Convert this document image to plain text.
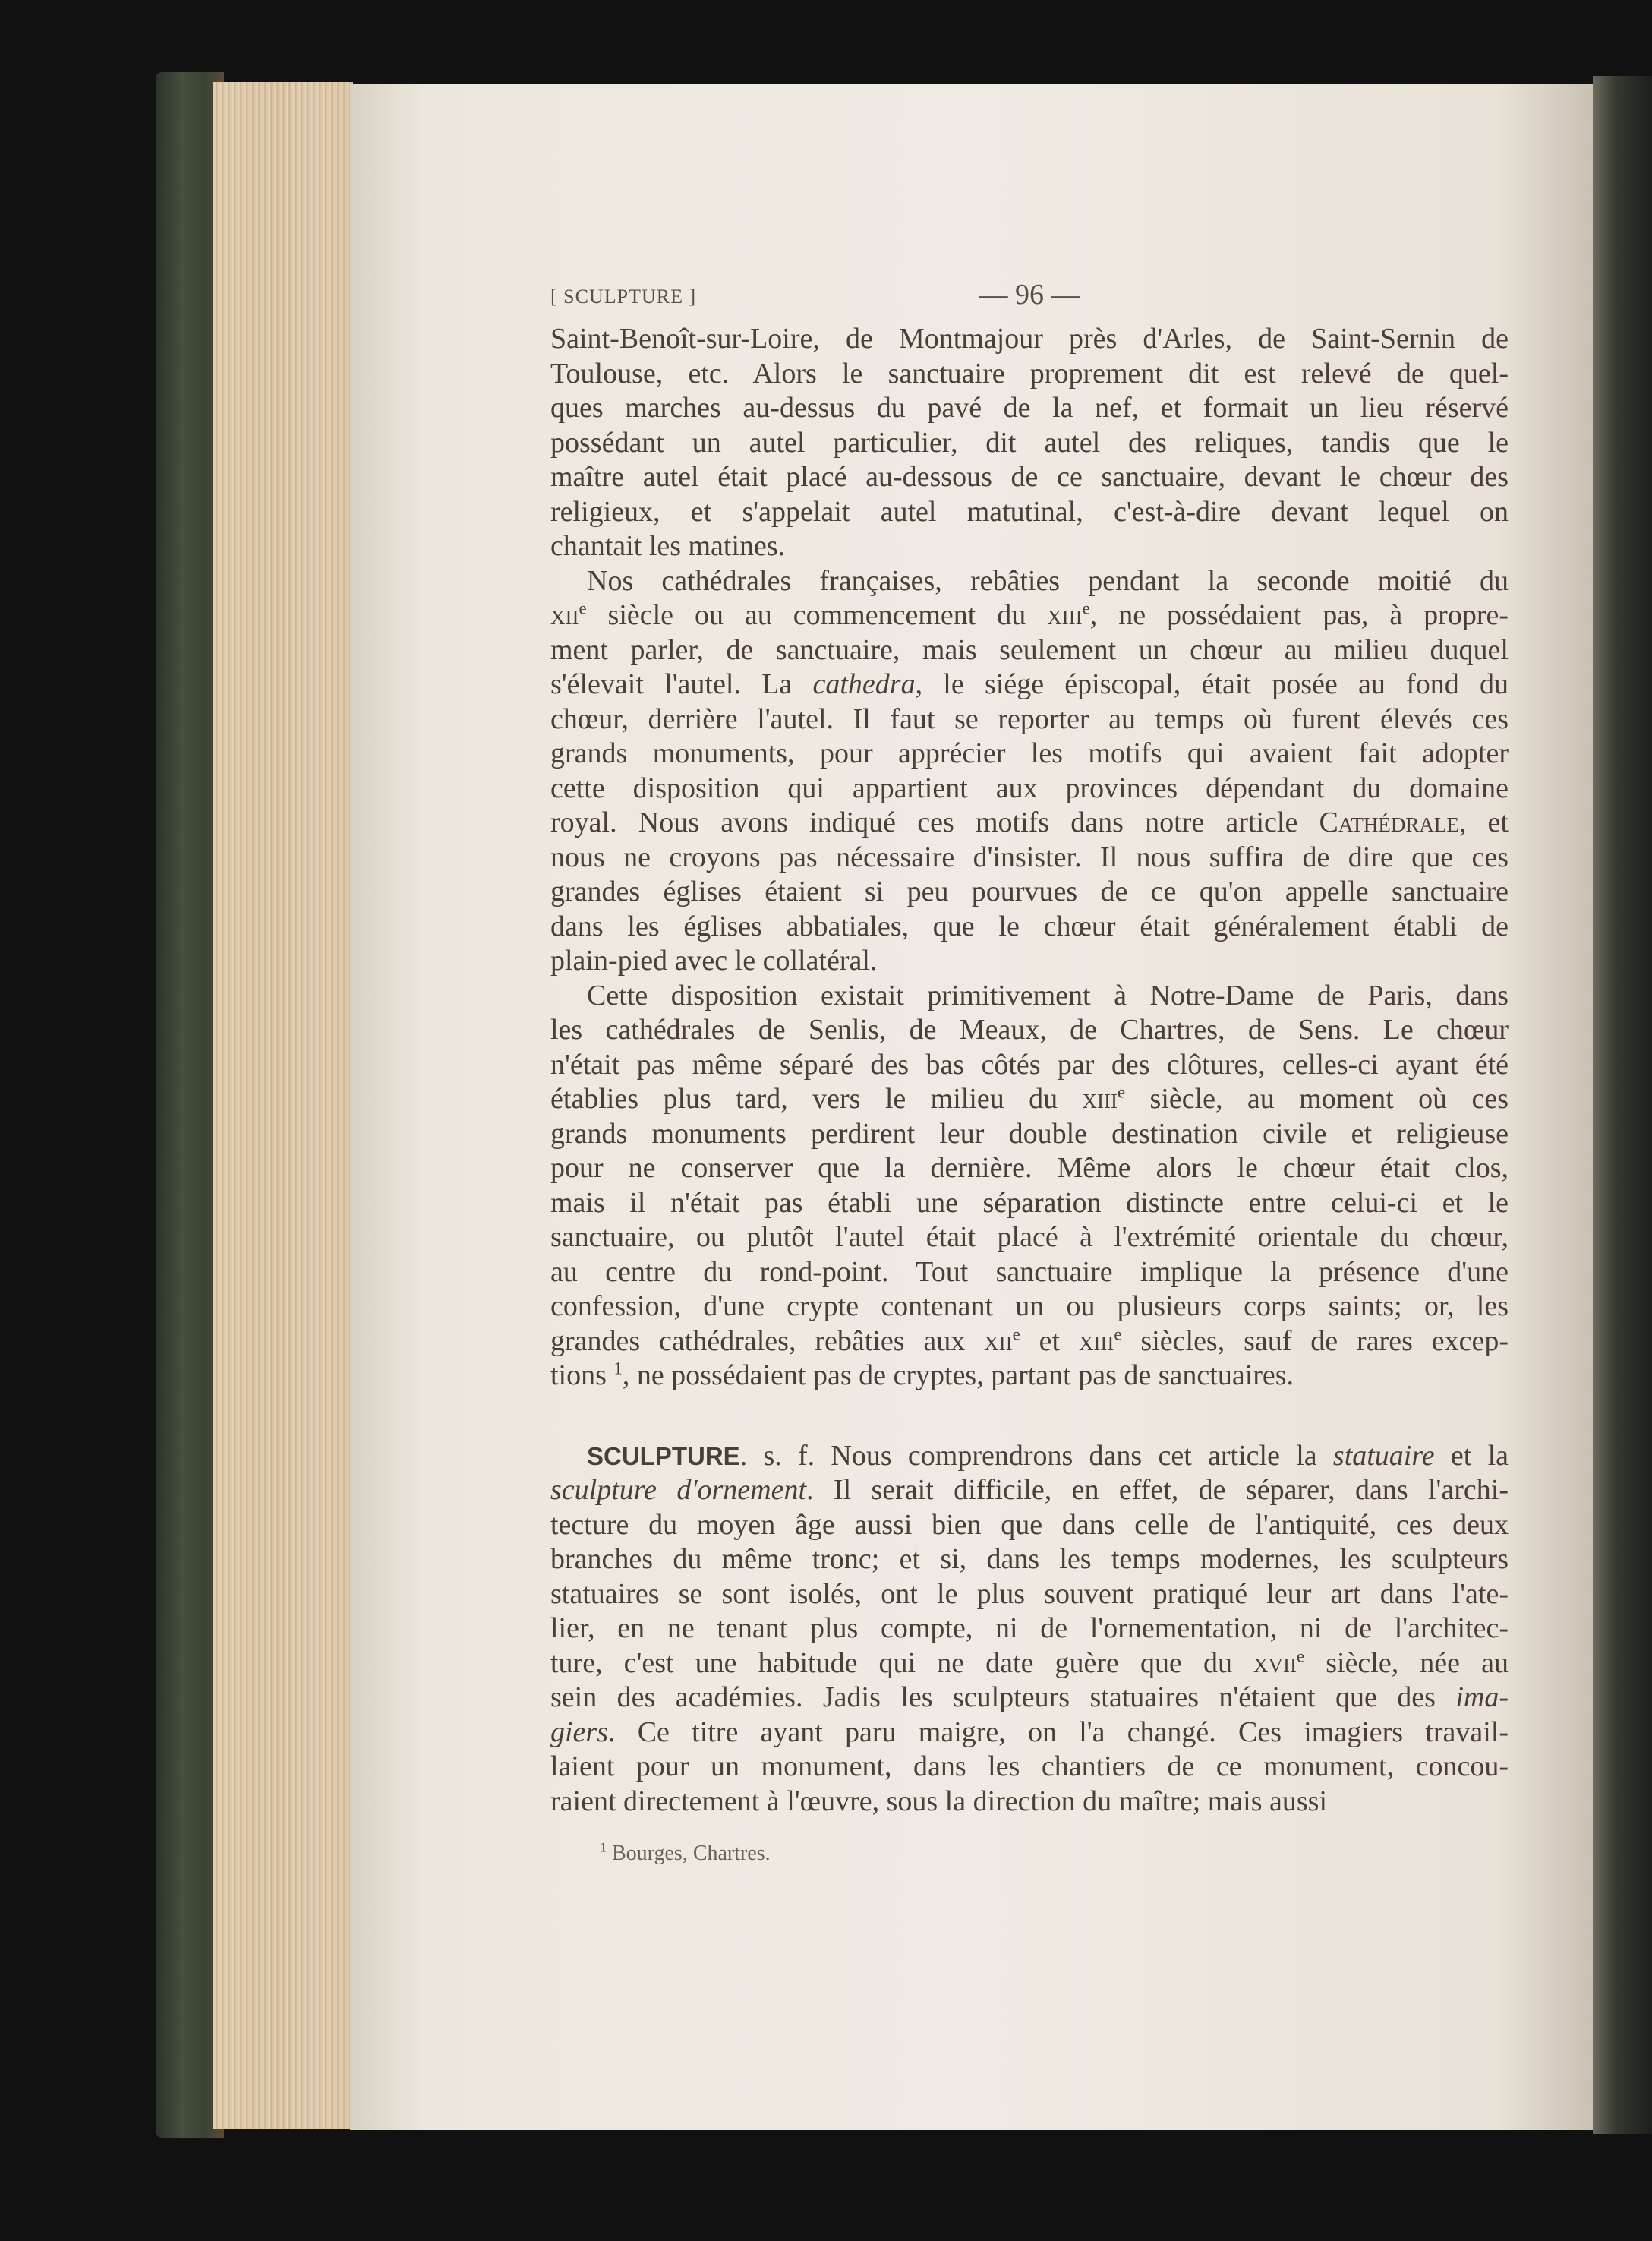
[ SCULPTURE ]	— 96 —
Saint-Benoît-sur-Loire, de Montmajour près d'Arles, de Saint-Sernin de
Toulouse, etc. Alors le sanctuaire proprement dit est relevé de quel-
ques marches au-dessus du pavé de la nef, et formait un lieu réservé
possédant un autel particulier, dit autel des reliques, tandis que le
maître autel était placé au-dessous de ce sanctuaire, devant le chœur des
religieux, et s'appelait autel matutinal, c'est-à-dire devant lequel on
chantait les matines.
Nos cathédrales françaises, rebâties pendant la seconde moitié du
xii$^e$ siècle ou au commencement du xiii$^e$, ne possédaient pas, à propre-
ment parler, de sanctuaire, mais seulement un chœur au milieu duquel
s'élevait l'autel. La cathedra, le siége épiscopal, était posée au fond du
chœur, derrière l'autel. Il faut se reporter au temps où furent élevés ces
grands monuments, pour apprécier les motifs qui avaient fait adopter
cette disposition qui appartient aux provinces dépendant du domaine
royal. Nous avons indiqué ces motifs dans notre article Cathédrale, et
nous ne croyons pas nécessaire d'insister. Il nous suffira de dire que ces
grandes églises étaient si peu pourvues de ce qu'on appelle sanctuaire
dans les églises abbatiales, que le chœur était généralement établi de
plain-pied avec le collatéral.
Cette disposition existait primitivement à Notre-Dame de Paris, dans
les cathédrales de Senlis, de Meaux, de Chartres, de Sens. Le chœur
n'était pas même séparé des bas côtés par des clôtures, celles-ci ayant été
établies plus tard, vers le milieu du xiii$^e$ siècle, au moment où ces
grands monuments perdirent leur double destination civile et religieuse
pour ne conserver que la dernière. Même alors le chœur était clos,
mais il n'était pas établi une séparation distincte entre celui-ci et le
sanctuaire, ou plutôt l'autel était placé à l'extrémité orientale du chœur,
au centre du rond-point. Tout sanctuaire implique la présence d'une
confession, d'une crypte contenant un ou plusieurs corps saints; or, les
grandes cathédrales, rebâties aux xii$^e$ et xiii$^e$ siècles, sauf de rares excep-
tions $^1$, ne possédaient pas de cryptes, partant pas de sanctuaires.
SCULPTURE. s. f. Nous comprendrons dans cet article la statuaire et la
sculpture d'ornement. Il serait difficile, en effet, de séparer, dans l'archi-
tecture du moyen âge aussi bien que dans celle de l'antiquité, ces deux
branches du même tronc; et si, dans les temps modernes, les sculpteurs
statuaires se sont isolés, ont le plus souvent pratiqué leur art dans l'ate-
lier, en ne tenant plus compte, ni de l'ornementation, ni de l'architec-
ture, c'est une habitude qui ne date guère que du xvii$^e$ siècle, née au
sein des académies. Jadis les sculpteurs statuaires n'étaient que des ima-
giers. Ce titre ayant paru maigre, on l'a changé. Ces imagiers travail-
laient pour un monument, dans les chantiers de ce monument, concou-
raient directement à l'œuvre, sous la direction du maître; mais aussi
$^1$ Bourges, Chartres.
